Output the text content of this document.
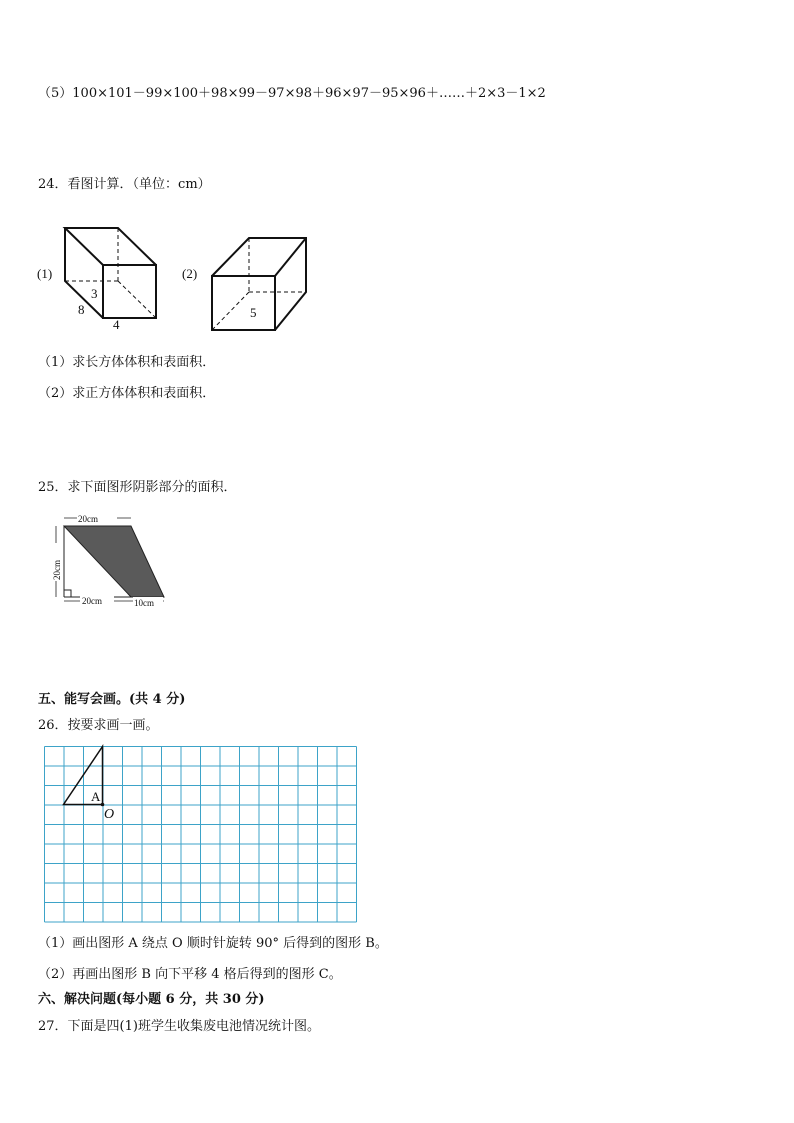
（5）100×101－99×100＋98×99－97×98＋96×97－95×96＋……＋2×3－1×2
24．看图计算．（单位：cm）
(1)
3
8
4
(2)
5
（1）求长方体体积和表面积．
（2）求正方体体积和表面积．
25．求下面图形阴影部分的面积．
20cm
20cm
20cm	10cm
五、能写会画。(共 4 分)
26．按要求画一画。
A
O
（1）画出图形 A 绕点 O 顺时针旋转 90° 后得到的图形 B。
（2）再画出图形 B 向下平移 4 格后得到的图形 C。
六、解决问题(每小题 6 分，共 30 分)
27．下面是四(1)班学生收集废电池情况统计图。
